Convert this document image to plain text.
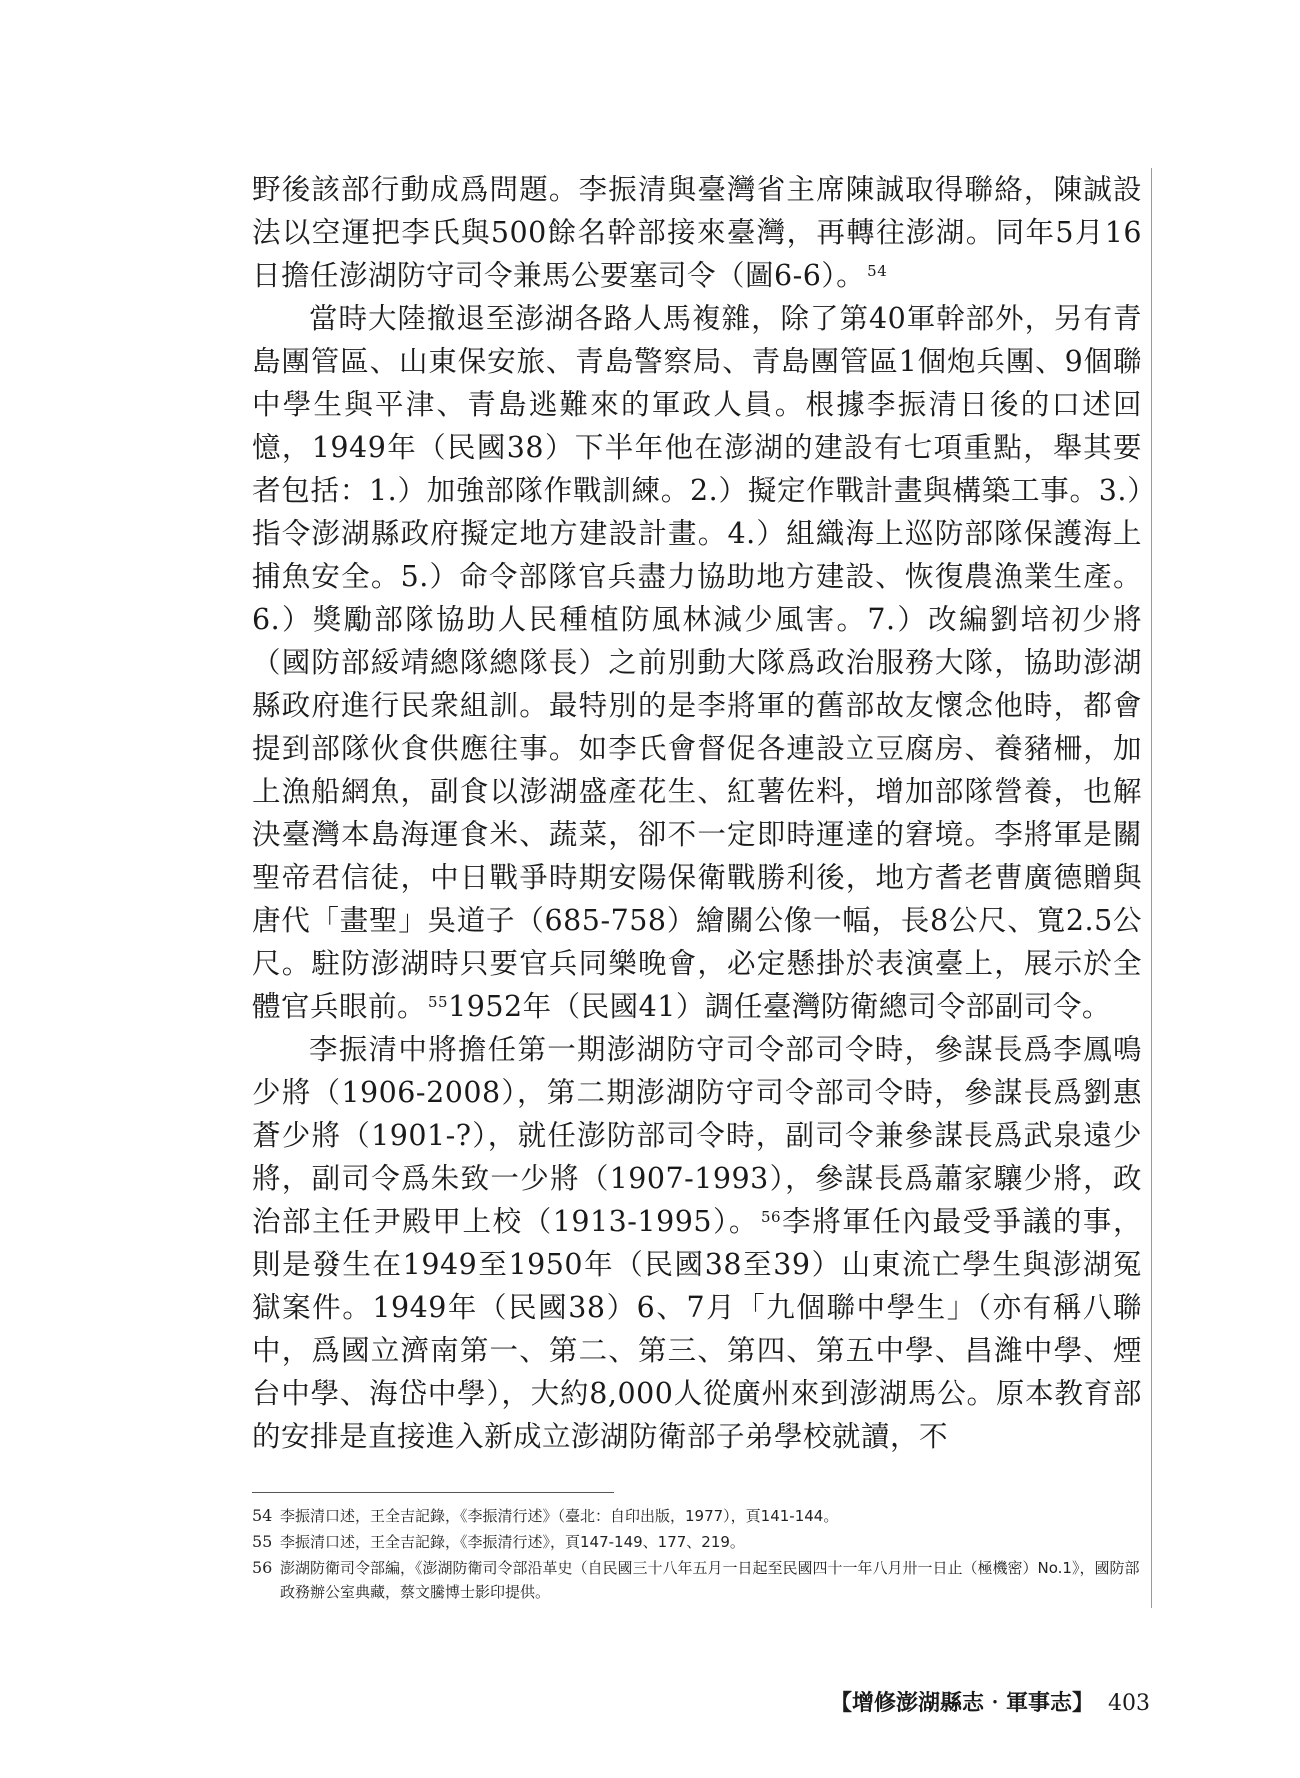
野後該部行動成爲問題。李振清與臺灣省主席陳誠取得聯絡，陳誠設法以空運把李氏與500餘名幹部接來臺灣，再轉往澎湖。同年5月16日擔任澎湖防守司令兼馬公要塞司令（圖6-6）。 $^{54}$

當時大陸撤退至澎湖各路人馬複雜，除了第40軍幹部外，另有青島團管區、山東保安旅、青島警察局、青島團管區1個炮兵團、9個聯中學生與平津、青島逃難來的軍政人員。根據李振清日後的口述回憶，1949年（民國38）下半年他在澎湖的建設有七項重點，舉其要者包括：1.）加強部隊作戰訓練。2.）擬定作戰計畫與構築工事。3.）指令澎湖縣政府擬定地方建設計畫。4.）組織海上巡防部隊保護海上捕魚安全。5.）命令部隊官兵盡力協助地方建設、恢復農漁業生產。6.）獎勵部隊協助人民種植防風林減少風害。7.）改編劉培初少將（國防部綏靖總隊總隊長）之前別動大隊爲政治服務大隊，協助澎湖縣政府進行民衆組訓。最特別的是李將軍的舊部故友懷念他時，都會提到部隊伙食供應往事。如李氏會督促各連設立豆腐房、養豬柵，加上漁船網魚，副食以澎湖盛產花生、紅薯佐料，增加部隊營養，也解決臺灣本島海運食米、蔬菜，卻不一定即時運達的窘境。李將軍是關聖帝君信徒，中日戰爭時期安陽保衛戰勝利後，地方耆老曹廣德贈與唐代「畫聖」吳道子（685-758）繪關公像一幅，長8公尺、寬2.5公尺。駐防澎湖時只要官兵同樂晚會，必定懸掛於表演臺上，展示於全體官兵眼前。 $^{55}$1952年（民國41）調任臺灣防衛總司令部副司令。

李振清中將擔任第一期澎湖防守司令部司令時，參謀長爲李鳳鳴少將（1906-2008），第二期澎湖防守司令部司令時，參謀長爲劉惠蒼少將（1901-?），就任澎防部司令時，副司令兼參謀長爲武泉遠少將，副司令爲朱致一少將（1907-1993），參謀長爲蕭家驤少將，政治部主任尹殿甲上校（1913-1995）。 $^{56}$李將軍任內最受爭議的事，則是發生在1949至1950年（民國38至39）山東流亡學生與澎湖冤獄案件。1949年（民國38）6、7月「九個聯中學生」（亦有稱八聯中，爲國立濟南第一、第二、第三、第四、第五中學、昌濰中學、煙台中學、海岱中學），大約8,000人從廣州來到澎湖馬公。原本教育部的安排是直接進入新成立澎湖防衛部子弟學校就讀，不

54 李振清口述，王全吉記錄，《李振清行述》（臺北：自印出版，1977），頁141-144。

55 李振清口述，王全吉記錄，《李振清行述》，頁147-149、177、219。

56 澎湖防衛司令部編，《澎湖防衛司令部沿革史（自民國三十八年五月一日起至民國四十一年八月卅一日止（極機密）No.1》，國防部政務辦公室典藏，蔡文騰博士影印提供。

【增修澎湖縣志‧軍事志】 403
